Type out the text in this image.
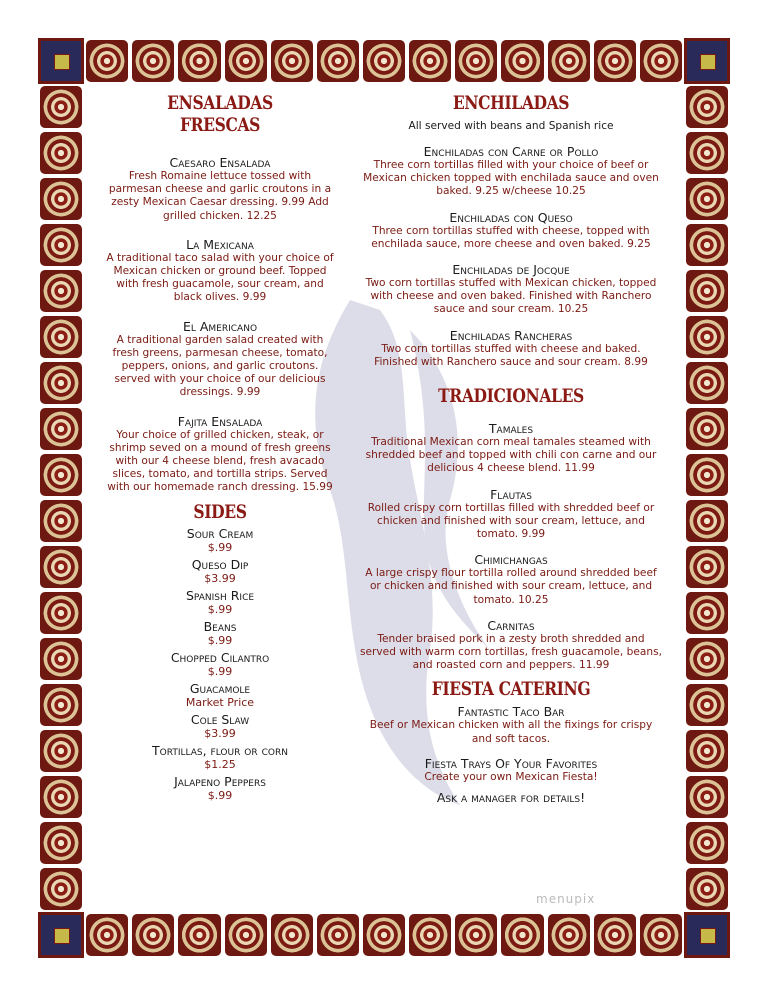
ENSALADAS FRESCAS

Caesaro Ensalada

Fresh Romaine lettuce tossed with parmesan cheese and garlic croutons in a zesty Mexican Caesar dressing. 9.99 Add grilled chicken. 12.25

La Mexicana

A traditional taco salad with your choice of Mexican chicken or ground beef. Topped with fresh guacamole, sour cream, and black olives. 9.99

El Americano

A traditional garden salad created with fresh greens, parmesan cheese, tomato, peppers, onions, and garlic croutons. served with your choice of our delicious dressings. 9.99

Fajita Ensalada

Your choice of grilled chicken, steak, or shrimp seved on a mound of fresh greens with our 4 cheese blend, fresh avacado slices, tomato, and tortilla strips. Served with our homemade ranch dressing. 15.99

SIDES

Sour Cream

$.99

Queso Dip

$3.99

Spanish Rice

$.99

Beans

$.99

Chopped Cilantro

$.99

Guacamole

Market Price

Cole Slaw

$3.99

Tortillas, flour or corn

$1.25

Jalapeno Peppers

$.99

ENCHILADAS

All served with beans and Spanish rice

Enchiladas con Carne or Pollo

Three corn tortillas filled with your choice of beef or Mexican chicken topped with enchilada sauce and oven baked. 9.25 w/cheese 10.25

Enchiladas con Queso

Three corn tortillas stuffed with cheese, topped with enchilada sauce, more cheese and oven baked. 9.25

Enchiladas de Jocque

Two corn tortillas stuffed with Mexican chicken, topped with cheese and oven baked. Finished with Ranchero sauce and sour cream. 10.25

Enchiladas Rancheras

Two corn tortillas stuffed with cheese and baked. Finished with Ranchero sauce and sour cream. 8.99

TRADICIONALES

Tamales

Traditional Mexican corn meal tamales steamed with shredded beef and topped with chili con carne and our delicious 4 cheese blend. 11.99

Flautas

Rolled crispy corn tortillas filled with shredded beef or chicken and finished with sour cream, lettuce, and tomato. 9.99

Chimichangas

A large crispy flour tortilla rolled around shredded beef or chicken and finished with sour cream, lettuce, and tomato. 10.25

Carnitas

Tender braised pork in a zesty broth shredded and served with warm corn tortillas, fresh guacamole, beans, and roasted corn and peppers. 11.99

FIESTA CATERING

Fantastic Taco Bar

Beef or Mexican chicken with all the fixings for crispy and soft tacos.

Fiesta Trays Of Your Favorites

Create your own Mexican Fiesta!

Ask a manager for details!

menupix
